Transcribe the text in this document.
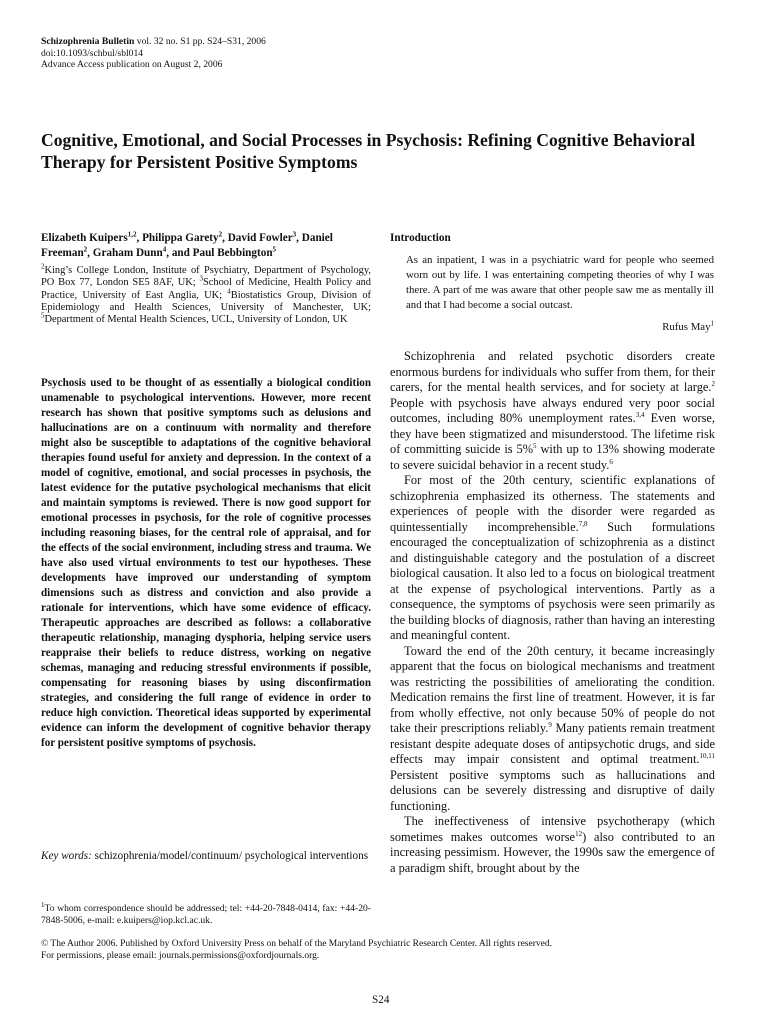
Schizophrenia Bulletin vol. 32 no. S1 pp. S24–S31, 2006
doi:10.1093/schbul/sbl014
Advance Access publication on August 2, 2006
Cognitive, Emotional, and Social Processes in Psychosis: Refining Cognitive Behavioral Therapy for Persistent Positive Symptoms
Elizabeth Kuipers$^{1,2}$, Philippa Garety$^2$, David Fowler$^3$, Daniel Freeman$^2$, Graham Dunn$^4$, and Paul Bebbington$^5$
$^2$King’s College London, Institute of Psychiatry, Department of Psychology, PO Box 77, London SE5 8AF, UK; $^3$School of Medicine, Health Policy and Practice, University of East Anglia, UK; $^4$Biostatistics Group, Division of Epidemiology and Health Sciences, University of Manchester, UK; $^5$Department of Mental Health Sciences, UCL, University of London, UK
Psychosis used to be thought of as essentially a biological condition unamenable to psychological interventions. However, more recent research has shown that positive symptoms such as delusions and hallucinations are on a continuum with normality and therefore might also be susceptible to adaptations of the cognitive behavioral therapies found useful for anxiety and depression. In the context of a model of cognitive, emotional, and social processes in psychosis, the latest evidence for the putative psychological mechanisms that elicit and maintain symptoms is reviewed. There is now good support for emotional processes in psychosis, for the role of cognitive processes including reasoning biases, for the central role of appraisal, and for the effects of the social environment, including stress and trauma. We have also used virtual environments to test our hypotheses. These developments have improved our understanding of symptom dimensions such as distress and conviction and also provide a rationale for interventions, which have some evidence of efficacy. Therapeutic approaches are described as follows: a collaborative therapeutic relationship, managing dysphoria, helping service users reappraise their beliefs to reduce distress, working on negative schemas, managing and reducing stressful environments if possible, compensating for reasoning biases by using disconfirmation strategies, and considering the full range of evidence in order to reduce high conviction. Theoretical ideas supported by experimental evidence can inform the development of cognitive behavior therapy for persistent positive symptoms of psychosis.
Key words: schizophrenia/model/continuum/ psychological interventions
$^1$To whom correspondence should be addressed; tel: +44-20-7848-0414, fax: +44-20-7848-5006, e-mail: e.kuipers@iop.kcl.ac.uk.
© The Author 2006. Published by Oxford University Press on behalf of the Maryland Psychiatric Research Center. All rights reserved.
For permissions, please email: journals.permissions@oxfordjournals.org.
S24
Introduction
As an inpatient, I was in a psychiatric ward for people who seemed worn out by life. I was entertaining competing theories of why I was there. A part of me was aware that other people saw me as mentally ill and that I had become a social outcast.
Rufus May$^1$

Schizophrenia and related psychotic disorders create enormous burdens for individuals who suffer from them, for their carers, for the mental health services, and for society at large.$^2$ People with psychosis have always endured very poor social outcomes, including 80% unemployment rates.$^{3,4}$ Even worse, they have been stigmatized and misunderstood. The lifetime risk of committing suicide is 5%$^5$ with up to 13% showing moderate to severe suicidal behavior in a recent study.$^6$

For most of the 20th century, scientific explanations of schizophrenia emphasized its otherness. The statements and experiences of people with the disorder were regarded as quintessentially incomprehensible.$^{7,8}$ Such formulations encouraged the conceptualization of schizophrenia as a distinct and distinguishable category and the postulation of a discreet biological causation. It also led to a focus on biological treatment at the expense of psychological interventions. Partly as a consequence, the symptoms of psychosis were seen primarily as the building blocks of diagnosis, rather than having an interesting and meaningful content.

Toward the end of the 20th century, it became increasingly apparent that the focus on biological mechanisms and treatment was restricting the possibilities of ameliorating the condition. Medication remains the first line of treatment. However, it is far from wholly effective, not only because 50% of people do not take their prescriptions reliably.$^9$ Many patients remain treatment resistant despite adequate doses of antipsychotic drugs, and side effects may impair consistent and optimal treatment.$^{10,11}$ Persistent positive symptoms such as hallucinations and delusions can be severely distressing and disruptive of daily functioning.

The ineffectiveness of intensive psychotherapy (which sometimes makes outcomes worse$^{12}$) also contributed to an increasing pessimism. However, the 1990s saw the emergence of a paradigm shift, brought about by the
